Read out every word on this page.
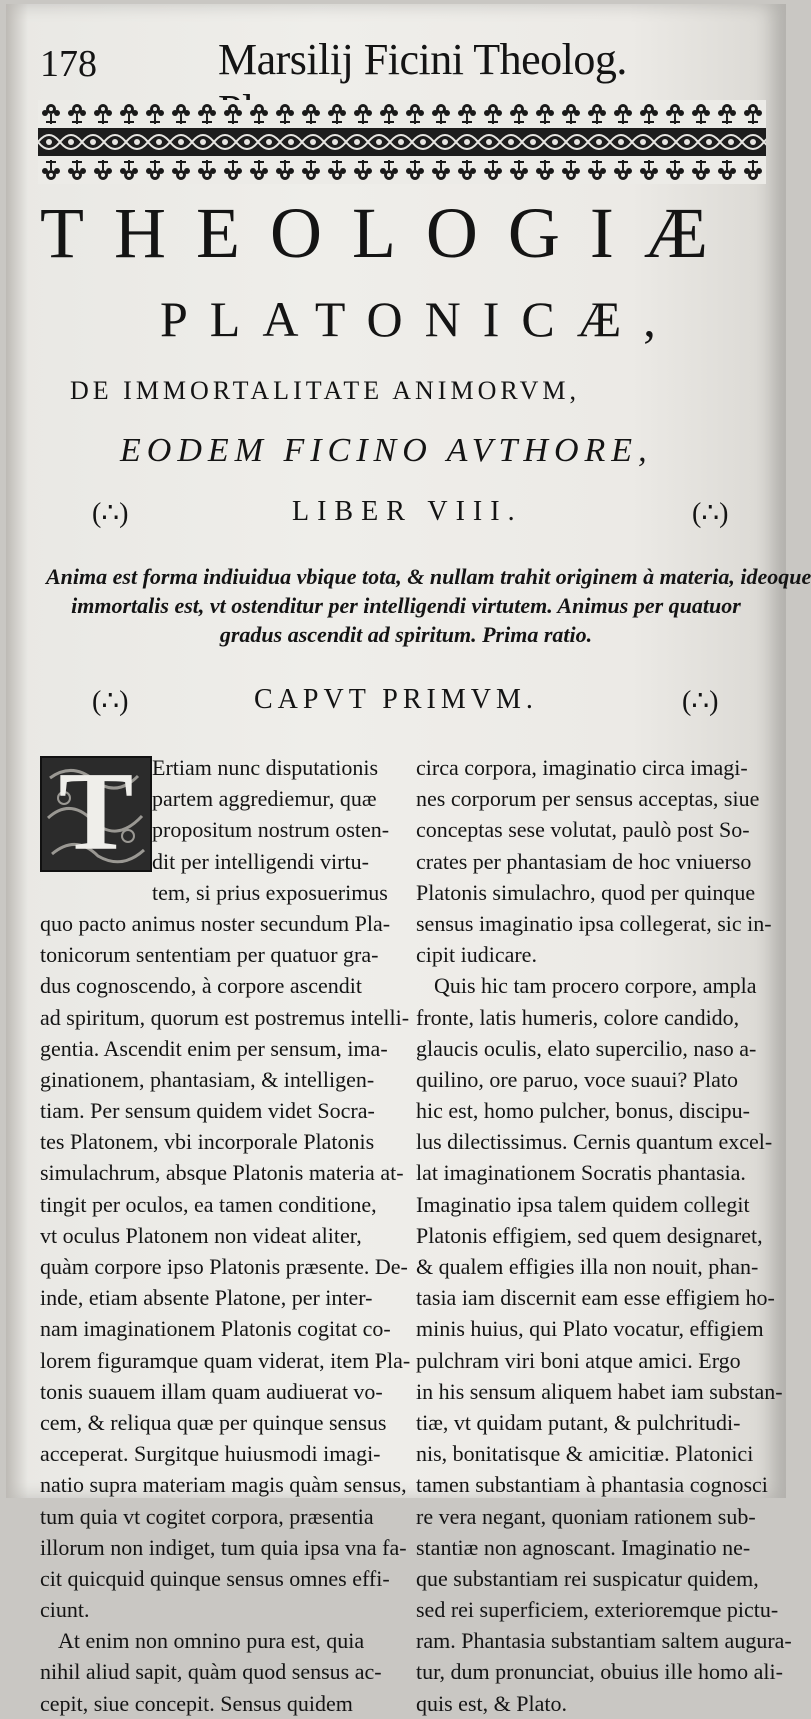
178	Marsilij Ficini Theolog.
THEOLOGIÆ
PLATONICÆ,
DE IMMORTALITATE ANIMORVM,
EODEM FICINO AVTHORE,
(∴)	LIBER VIII.	(∴)
Anima est forma indiuidua vbique tota, & nullam trahit originem à materia, ideoque
immortalis est, vt ostenditur per intelligendi virtutem. Animus per quatuor
gradus ascendit ad spiritum. Prima ratio.
(∴)	CAPVT PRIMVM.	(∴)
T Ertiam nunc disputationis
partem aggrediemur, quæ
propositum nostrum osten-
dit per intelligendi virtu-
tem, si prius exposuerimus
quo pacto animus noster secundum Pla-
tonicorum sententiam per quatuor gra-
dus cognoscendo, à corpore ascendit
ad spiritum, quorum est postremus intelli-
gentia. Ascendit enim per sensum, ima-
ginationem, phantasiam, & intelligen-
tiam. Per sensum quidem videt Socra-
tes Platonem, vbi incorporale Platonis
simulachrum, absque Platonis materia at-
tingit per oculos, ea tamen conditione,
vt oculus Platonem non videat aliter,
quàm corpore ipso Platonis præsente. De-
inde, etiam absente Platone, per inter-
nam imaginationem Platonis cogitat co-
lorem figuramque quam viderat, item Pla-
tonis suauem illam quam audiuerat vo-
cem, & reliqua quæ per quinque sensus
acceperat. Surgitque huiusmodi imagi-
natio supra materiam magis quàm sensus,
tum quia vt cogitet corpora, præsentia
illorum non indiget, tum quia ipsa vna fa-
cit quicquid quinque sensus omnes effi-
ciunt.
At enim non omnino pura est, quia
nihil aliud sapit, quàm quod sensus ac-
cepit, siue concepit. Sensus quidem
circa corpora, imaginatio circa imagi-
nes corporum per sensus acceptas, siue
conceptas sese volutat, paulò post So-
crates per phantasiam de hoc vniuerso
Platonis simulachro, quod per quinque
sensus imaginatio ipsa collegerat, sic in-
cipit iudicare.
Quis hic tam procero corpore, ampla
fronte, latis humeris, colore candido,
glaucis oculis, elato supercilio, naso a-
quilino, ore paruo, voce suaui? Plato
hic est, homo pulcher, bonus, discipu-
lus dilectissimus. Cernis quantum excel-
lat imaginationem Socratis phantasia.
Imaginatio ipsa talem quidem collegit
Platonis effigiem, sed quem designaret,
& qualem effigies illa non nouit, phan-
tasia iam discernit eam esse effigiem ho-
minis huius, qui Plato vocatur, effigiem
pulchram viri boni atque amici. Ergo
in his sensum aliquem habet iam substan-
tiæ, vt quidam putant, & pulchritudi-
nis, bonitatisque & amicitiæ. Platonici
tamen substantiam à phantasia cognosci
re vera negant, quoniam rationem sub-
stantiæ non agnoscant. Imaginatio ne-
que substantiam rei suspicatur quidem,
sed rei superficiem, exterioremque pictu-
ram. Phantasia substantiam saltem augura-
tur, dum pronunciat, obuius ille homo ali-
quis est, & Plato.
